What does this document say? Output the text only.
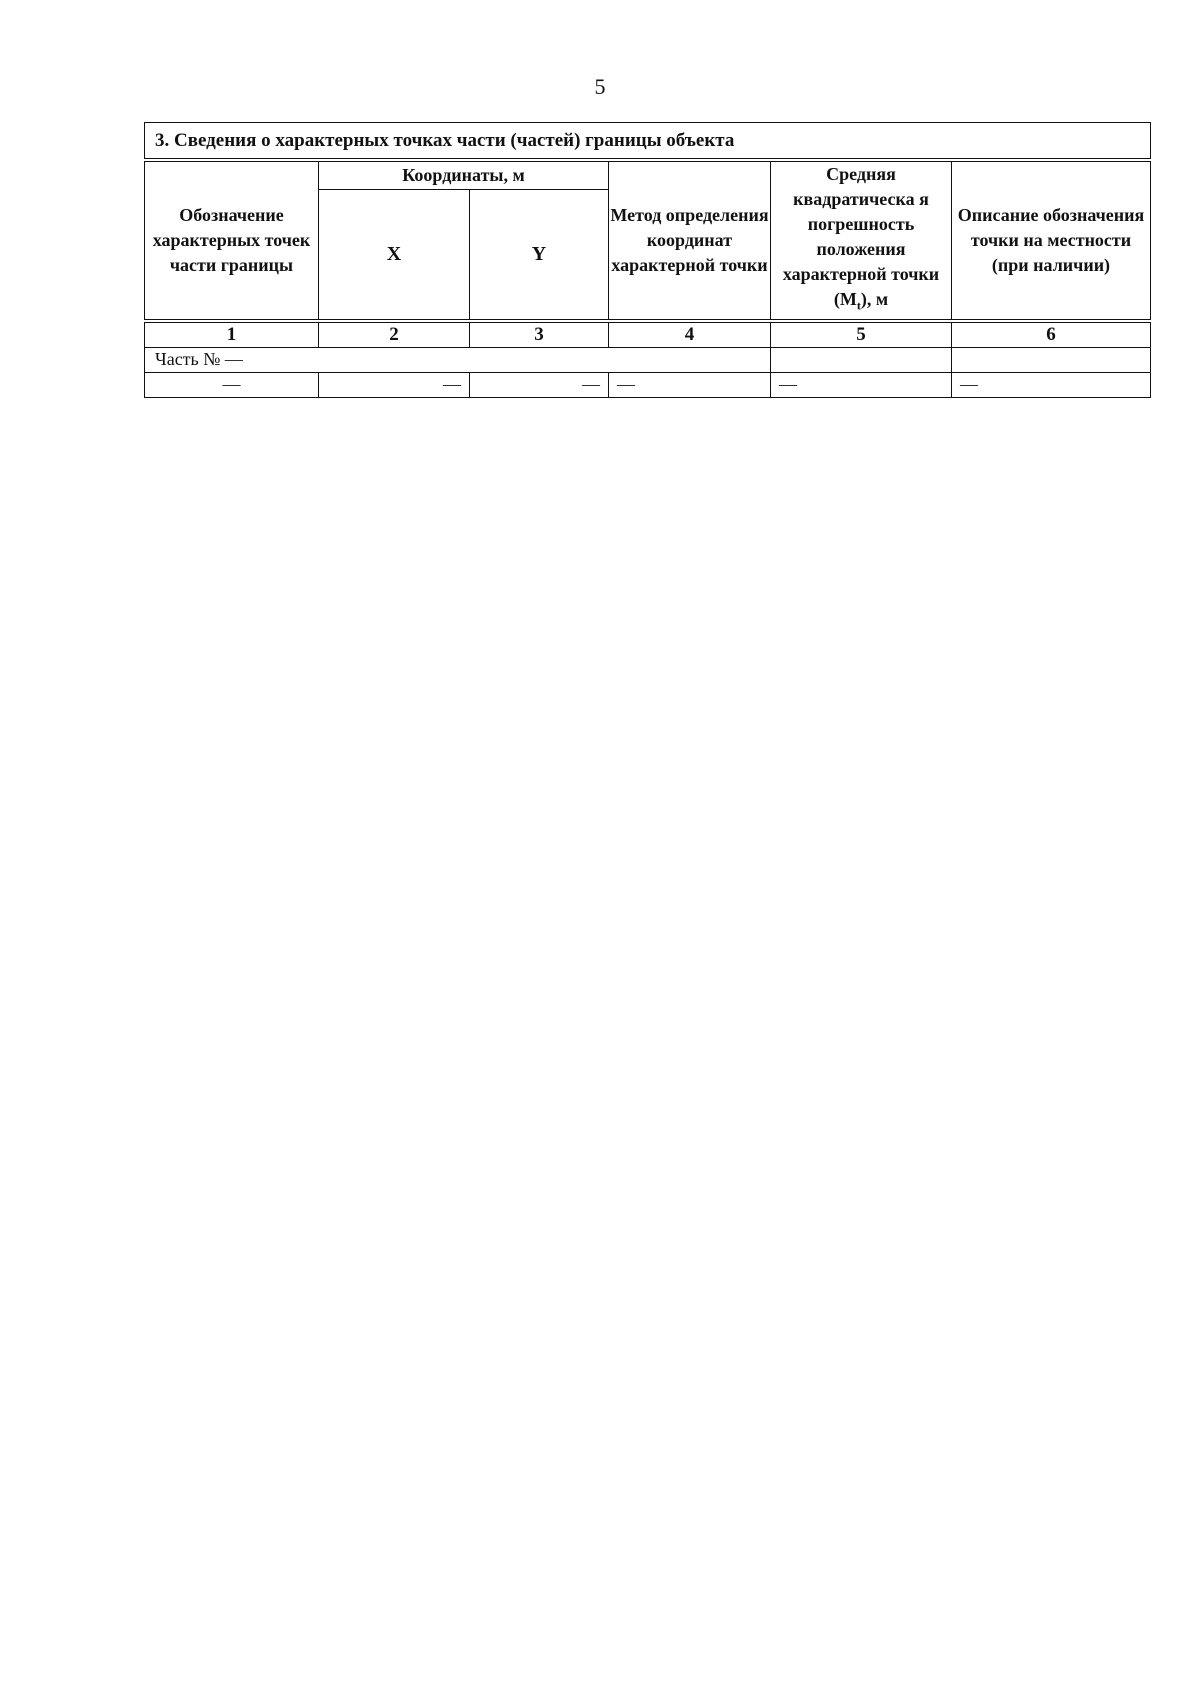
5
3. Сведения о характерных точках части (частей) границы объекта					
Обозначение характерных точек части границы	Координаты, м		Метод определения координат характерной точки	Средняя квадратическа я погрешность положения характерной точки $(M_t)$, м	Описание обозначения точки на местности (при наличии)
	X	Y			
1	2	3	4	5	6
Часть № —					
—	—	—	—	—	—
